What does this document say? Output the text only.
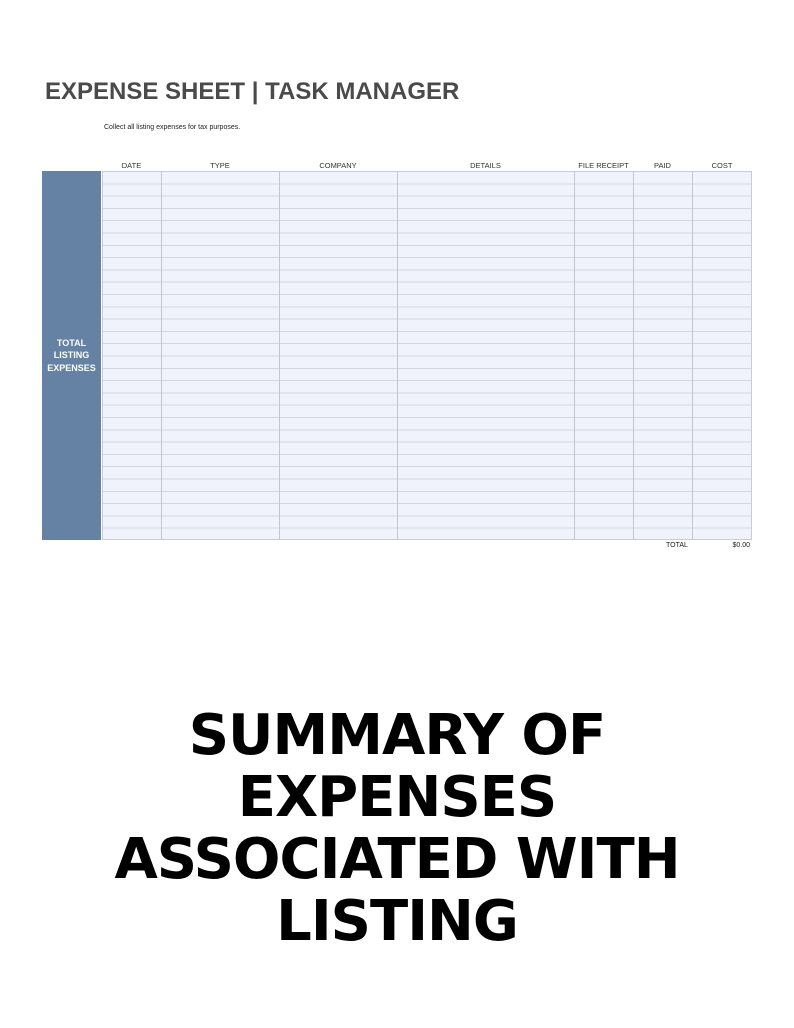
EXPENSE SHEET | TASK MANAGER
Collect all listing expenses for tax purposes.
DATE	TYPE	COMPANY	DETAILS	FILE RECEIPT	PAID	COST
TOTAL
LISTING
EXPENSES
TOTAL	$0.00
SUMMARY OF
EXPENSES
ASSOCIATED WITH
LISTING
